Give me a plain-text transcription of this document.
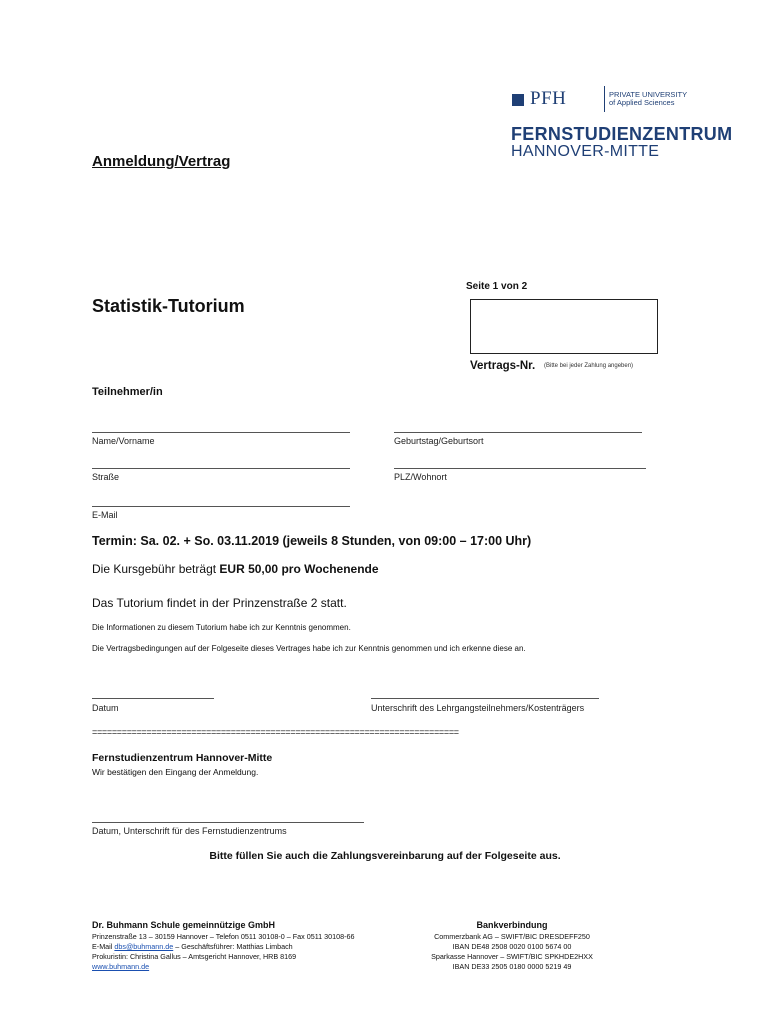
PFH	PRIVATE UNIVERSITY
of Applied Sciences
FERNSTUDIENZENTRUM
HANNOVER-MITTE
Anmeldung/Vertrag
Seite 1 von 2
Statistik-Tutorium
Vertrags-Nr. (Bitte bei jeder Zahlung angeben)
Teilnehmer/in
Name/Vorname	Geburtstag/Geburtsort
Straße	PLZ/Wohnort
E-Mail
Termin: Sa. 02. + So. 03.11.2019 (jeweils 8 Stunden, von 09:00 – 17:00 Uhr)
Die Kursgebühr beträgt EUR 50,00 pro Wochenende
Das Tutorium findet in der Prinzenstraße 2 statt.
Die Informationen zu diesem Tutorium habe ich zur Kenntnis genommen.
Die Vertragsbedingungen auf der Folgeseite dieses Vertrages habe ich zur Kenntnis genommen und ich erkenne diese an.
Datum	Unterschrift des Lehrgangsteilnehmers/Kostenträgers
==========================================================================
Fernstudienzentrum Hannover-Mitte
Wir bestätigen den Eingang der Anmeldung.
Datum, Unterschrift für des Fernstudienzentrums
Bitte füllen Sie auch die Zahlungsvereinbarung auf der Folgeseite aus.
Dr. Buhmann Schule gemeinnützige GmbH
Prinzenstraße 13 – 30159 Hannover – Telefon 0511 30108-0 – Fax 0511 30108-66
E-Mail dbs@buhmann.de – Geschäftsführer: Matthias Limbach
Prokuristin: Christina Gallus – Amtsgericht Hannover, HRB 8169
www.buhmann.de
Bankverbindung
Commerzbank AG – SWIFT/BIC DRESDEFF250
IBAN DE48 2508 0020 0100 5674 00
Sparkasse Hannover – SWIFT/BIC SPKHDE2HXX
IBAN DE33 2505 0180 0000 5219 49
